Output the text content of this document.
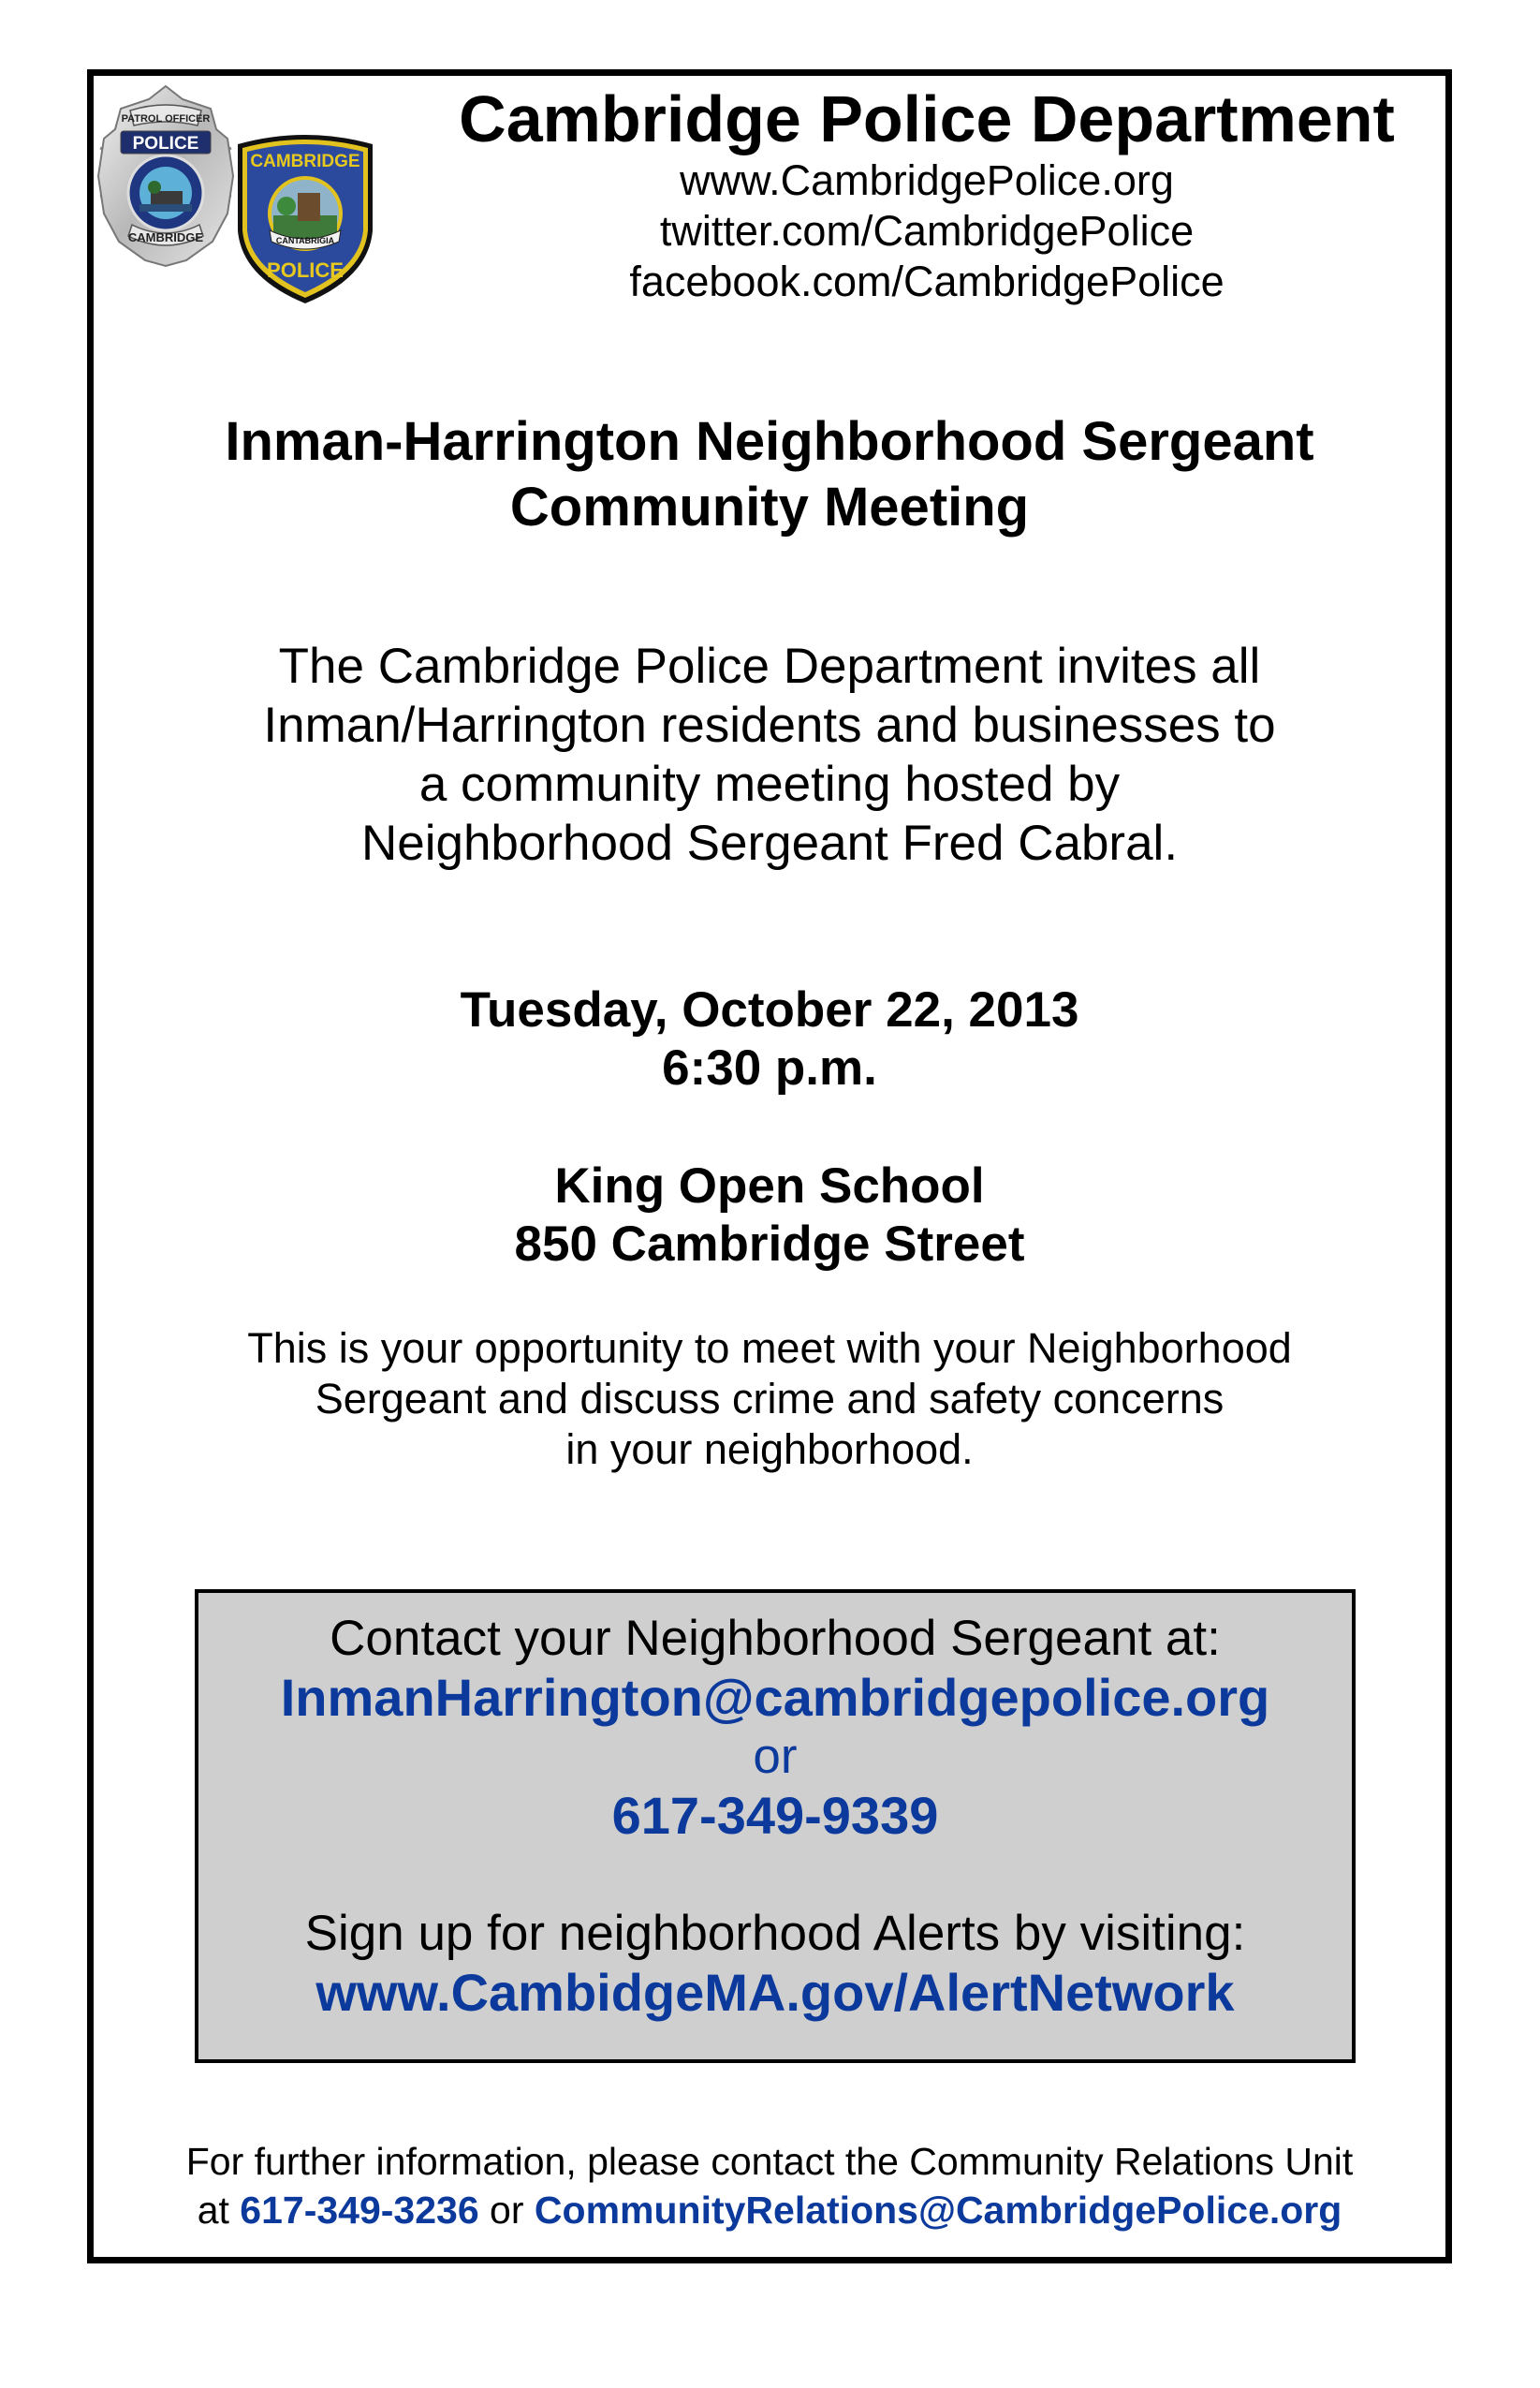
PATROL OFFICER
POLICE
CAMBRIDGE
CAMBRIDGE
CANTABRIGIA
POLICE
Cambridge Police Department
www.CambridgePolice.org
twitter.com/CambridgePolice
facebook.com/CambridgePolice
Inman-Harrington Neighborhood Sergeant
Community Meeting
The Cambridge Police Department invites all
Inman/Harrington residents and businesses to
a community meeting hosted by
Neighborhood Sergeant Fred Cabral.
Tuesday, October 22, 2013
6:30 p.m.
King Open School
850 Cambridge Street
This is your opportunity to meet with your Neighborhood
Sergeant and discuss crime and safety concerns
in your neighborhood.
Contact your Neighborhood Sergeant at:
InmanHarrington@cambridgepolice.org
or
617-349-9339
Sign up for neighborhood Alerts by visiting:
www.CambidgeMA.gov/AlertNetwork
For further information, please contact the Community Relations Unit
at 617-349-3236 or CommunityRelations@CambridgePolice.org
